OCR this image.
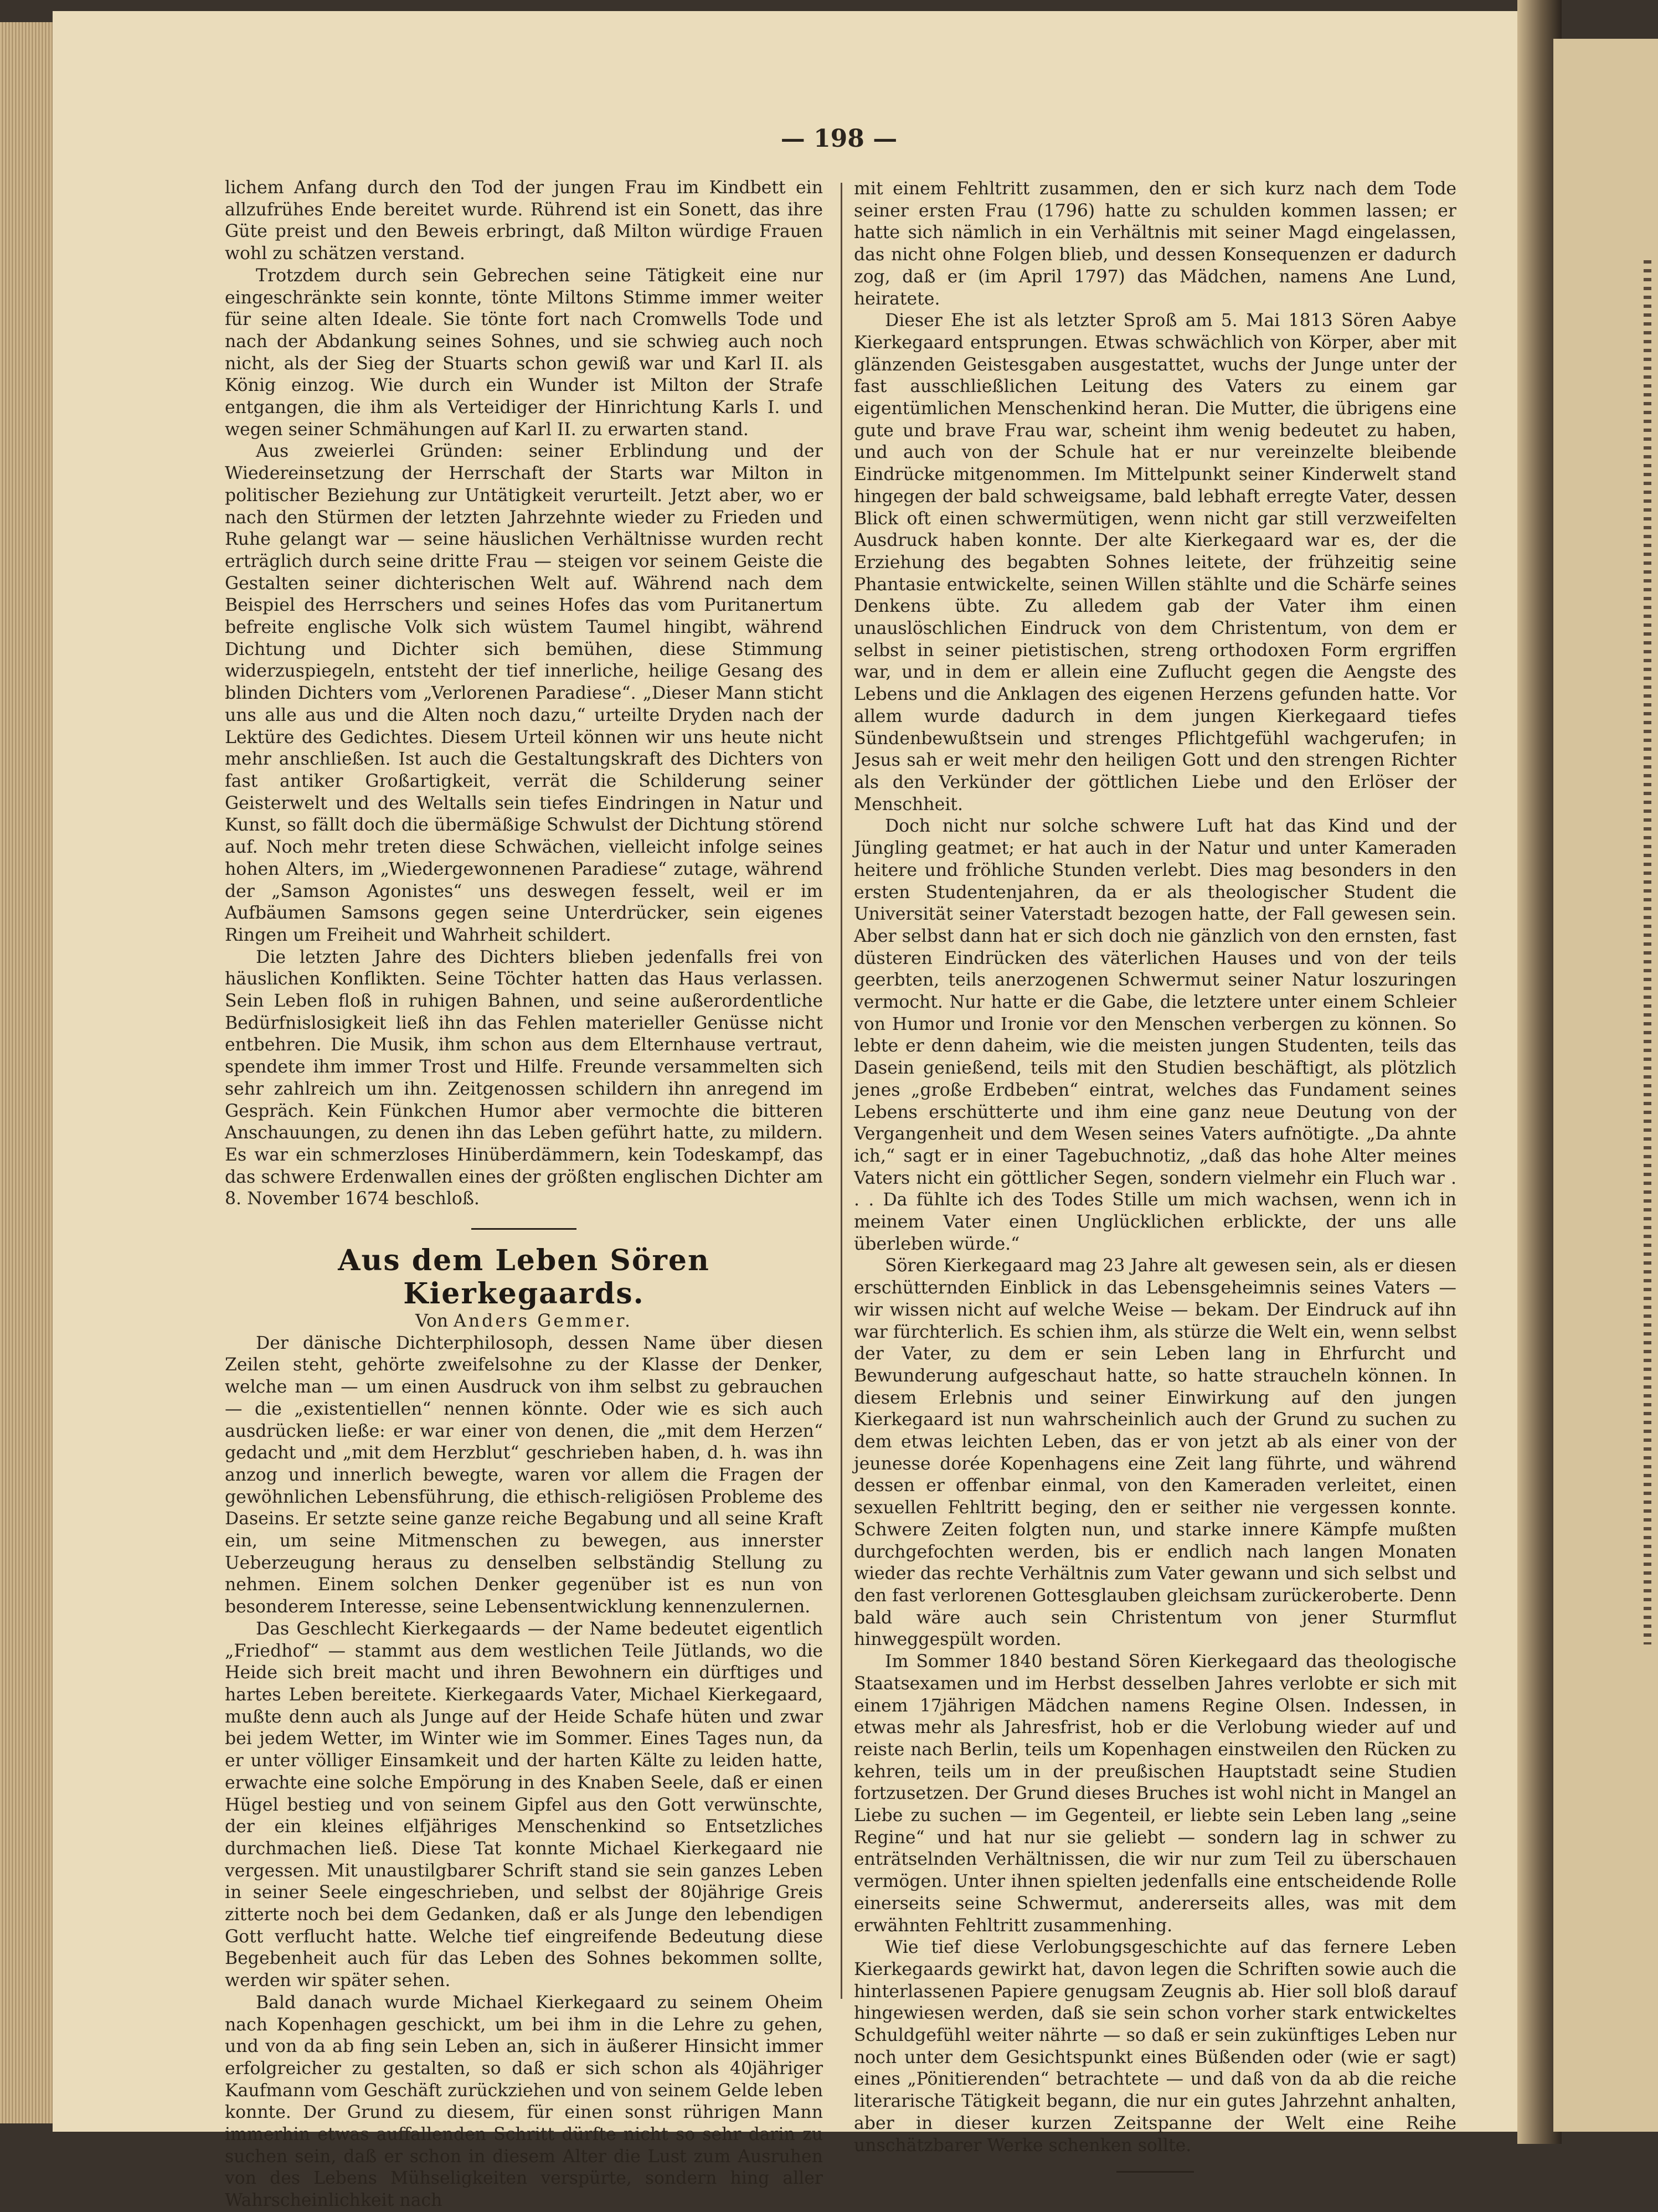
— 198 —

lichem Anfang durch den Tod der jungen Frau im Kindbett ein allzufrühes Ende bereitet wurde. Rührend ist ein Sonett, das ihre Güte preist und den Beweis erbringt, daß Milton würdige Frauen wohl zu schätzen verstand.

Trotzdem durch sein Gebrechen seine Tätigkeit eine nur eingeschränkte sein konnte, tönte Miltons Stimme immer weiter für seine alten Ideale. Sie tönte fort nach Cromwells Tode und nach der Abdankung seines Sohnes, und sie schwieg auch noch nicht, als der Sieg der Stuarts schon gewiß war und Karl II. als König einzog. Wie durch ein Wunder ist Milton der Strafe entgangen, die ihm als Verteidiger der Hinrichtung Karls I. und wegen seiner Schmähungen auf Karl II. zu erwarten stand.

Aus zweierlei Gründen: seiner Erblindung und der Wiedereinsetzung der Herrschaft der Starts war Milton in politischer Beziehung zur Untätigkeit verurteilt. Jetzt aber, wo er nach den Stürmen der letzten Jahrzehnte wieder zu Frieden und Ruhe gelangt war — seine häuslichen Verhältnisse wurden recht erträglich durch seine dritte Frau — steigen vor seinem Geiste die Gestalten seiner dichterischen Welt auf. Während nach dem Beispiel des Herrschers und seines Hofes das vom Puritanertum befreite englische Volk sich wüstem Taumel hingibt, während Dichtung und Dichter sich bemühen, diese Stimmung widerzuspiegeln, entsteht der tief innerliche, heilige Gesang des blinden Dichters vom „Verlorenen Paradiese“. „Dieser Mann sticht uns alle aus und die Alten noch dazu,“ urteilte Dryden nach der Lektüre des Gedichtes. Diesem Urteil können wir uns heute nicht mehr anschließen. Ist auch die Gestaltungskraft des Dichters von fast antiker Großartigkeit, verrät die Schilderung seiner Geisterwelt und des Weltalls sein tiefes Eindringen in Natur und Kunst, so fällt doch die übermäßige Schwulst der Dichtung störend auf. Noch mehr treten diese Schwächen, vielleicht infolge seines hohen Alters, im „Wiedergewonnenen Paradiese“ zutage, während der „Samson Agonistes“ uns deswegen fesselt, weil er im Aufbäumen Samsons gegen seine Unterdrücker, sein eigenes Ringen um Freiheit und Wahrheit schildert.

Die letzten Jahre des Dichters blieben jedenfalls frei von häuslichen Konflikten. Seine Töchter hatten das Haus verlassen. Sein Leben floß in ruhigen Bahnen, und seine außerordentliche Bedürfnislosigkeit ließ ihn das Fehlen materieller Genüsse nicht entbehren. Die Musik, ihm schon aus dem Elternhause vertraut, spendete ihm immer Trost und Hilfe. Freunde versammelten sich sehr zahlreich um ihn. Zeitgenossen schildern ihn anregend im Gespräch. Kein Fünkchen Humor aber vermochte die bitteren Anschauungen, zu denen ihn das Leben geführt hatte, zu mildern. Es war ein schmerzloses Hinüberdämmern, kein Todeskampf, das das schwere Erdenwallen eines der größten englischen Dichter am 8. November 1674 beschloß.

Aus dem Leben Sören Kierkegaards.

Von Anders Gemmer.

Der dänische Dichterphilosoph, dessen Name über diesen Zeilen steht, gehörte zweifelsohne zu der Klasse der Denker, welche man — um einen Ausdruck von ihm selbst zu gebrauchen — die „existentiellen“ nennen könnte. Oder wie es sich auch ausdrücken ließe: er war einer von denen, die „mit dem Herzen“ gedacht und „mit dem Herzblut“ geschrieben haben, d. h. was ihn anzog und innerlich bewegte, waren vor allem die Fragen der gewöhnlichen Lebensführung, die ethisch-religiösen Probleme des Daseins. Er setzte seine ganze reiche Begabung und all seine Kraft ein, um seine Mitmenschen zu bewegen, aus innerster Ueberzeugung heraus zu denselben selbständig Stellung zu nehmen. Einem solchen Denker gegenüber ist es nun von besonderem Interesse, seine Lebensentwicklung kennenzulernen.

Das Geschlecht Kierkegaards — der Name bedeutet eigentlich „Friedhof“ — stammt aus dem westlichen Teile Jütlands, wo die Heide sich breit macht und ihren Bewohnern ein dürftiges und hartes Leben bereitete. Kierkegaards Vater, Michael Kierkegaard, mußte denn auch als Junge auf der Heide Schafe hüten und zwar bei jedem Wetter, im Winter wie im Sommer. Eines Tages nun, da er unter völliger Einsamkeit und der harten Kälte zu leiden hatte, erwachte eine solche Empörung in des Knaben Seele, daß er einen Hügel bestieg und von seinem Gipfel aus den Gott verwünschte, der ein kleines elfjähriges Menschenkind so Entsetzliches durchmachen ließ. Diese Tat konnte Michael Kierkegaard nie vergessen. Mit unaustilgbarer Schrift stand sie sein ganzes Leben in seiner Seele eingeschrieben, und selbst der 80jährige Greis zitterte noch bei dem Gedanken, daß er als Junge den lebendigen Gott verflucht hatte. Welche tief eingreifende Bedeutung diese Begebenheit auch für das Leben des Sohnes bekommen sollte, werden wir später sehen.

Bald danach wurde Michael Kierkegaard zu seinem Oheim nach Kopenhagen geschickt, um bei ihm in die Lehre zu gehen, und von da ab fing sein Leben an, sich in äußerer Hinsicht immer erfolgreicher zu gestalten, so daß er sich schon als 40jähriger Kaufmann vom Geschäft zurückziehen und von seinem Gelde leben konnte. Der Grund zu diesem, für einen sonst rührigen Mann immerhin etwas auffallenden Schritt dürfte nicht so sehr darin zu suchen sein, daß er schon in diesem Alter die Lust zum Ausruhen von des Lebens Mühseligkeiten verspürte, sondern hing aller Wahrscheinlichkeit nach

mit einem Fehltritt zusammen, den er sich kurz nach dem Tode seiner ersten Frau (1796) hatte zu schulden kommen lassen; er hatte sich nämlich in ein Verhältnis mit seiner Magd eingelassen, das nicht ohne Folgen blieb, und dessen Konsequenzen er dadurch zog, daß er (im April 1797) das Mädchen, namens Ane Lund, heiratete.

Dieser Ehe ist als letzter Sproß am 5. Mai 1813 Sören Aabye Kierkegaard entsprungen. Etwas schwächlich von Körper, aber mit glänzenden Geistesgaben ausgestattet, wuchs der Junge unter der fast ausschließlichen Leitung des Vaters zu einem gar eigentümlichen Menschenkind heran. Die Mutter, die übrigens eine gute und brave Frau war, scheint ihm wenig bedeutet zu haben, und auch von der Schule hat er nur vereinzelte bleibende Eindrücke mitgenommen. Im Mittelpunkt seiner Kinderwelt stand hingegen der bald schweigsame, bald lebhaft erregte Vater, dessen Blick oft einen schwermütigen, wenn nicht gar still verzweifelten Ausdruck haben konnte. Der alte Kierkegaard war es, der die Erziehung des begabten Sohnes leitete, der frühzeitig seine Phantasie entwickelte, seinen Willen stählte und die Schärfe seines Denkens übte. Zu alledem gab der Vater ihm einen unauslöschlichen Eindruck von dem Christentum, von dem er selbst in seiner pietistischen, streng orthodoxen Form ergriffen war, und in dem er allein eine Zuflucht gegen die Aengste des Lebens und die Anklagen des eigenen Herzens gefunden hatte. Vor allem wurde dadurch in dem jungen Kierkegaard tiefes Sündenbewußtsein und strenges Pflichtgefühl wachgerufen; in Jesus sah er weit mehr den heiligen Gott und den strengen Richter als den Verkünder der göttlichen Liebe und den Erlöser der Menschheit.

Doch nicht nur solche schwere Luft hat das Kind und der Jüngling geatmet; er hat auch in der Natur und unter Kameraden heitere und fröhliche Stunden verlebt. Dies mag besonders in den ersten Studentenjahren, da er als theologischer Student die Universität seiner Vaterstadt bezogen hatte, der Fall gewesen sein. Aber selbst dann hat er sich doch nie gänzlich von den ernsten, fast düsteren Eindrücken des väterlichen Hauses und von der teils geerbten, teils anerzogenen Schwermut seiner Natur loszuringen vermocht. Nur hatte er die Gabe, die letztere unter einem Schleier von Humor und Ironie vor den Menschen verbergen zu können. So lebte er denn daheim, wie die meisten jungen Studenten, teils das Dasein genießend, teils mit den Studien beschäftigt, als plötzlich jenes „große Erdbeben“ eintrat, welches das Fundament seines Lebens erschütterte und ihm eine ganz neue Deutung von der Vergangenheit und dem Wesen seines Vaters aufnötigte. „Da ahnte ich,“ sagt er in einer Tagebuchnotiz, „daß das hohe Alter meines Vaters nicht ein göttlicher Segen, sondern vielmehr ein Fluch war . . . Da fühlte ich des Todes Stille um mich wachsen, wenn ich in meinem Vater einen Unglücklichen erblickte, der uns alle überleben würde.“

Sören Kierkegaard mag 23 Jahre alt gewesen sein, als er diesen erschütternden Einblick in das Lebensgeheimnis seines Vaters — wir wissen nicht auf welche Weise — bekam. Der Eindruck auf ihn war fürchterlich. Es schien ihm, als stürze die Welt ein, wenn selbst der Vater, zu dem er sein Leben lang in Ehrfurcht und Bewunderung aufgeschaut hatte, so hatte straucheln können. In diesem Erlebnis und seiner Einwirkung auf den jungen Kierkegaard ist nun wahrscheinlich auch der Grund zu suchen zu dem etwas leichten Leben, das er von jetzt ab als einer von der jeunesse dorée Kopenhagens eine Zeit lang führte, und während dessen er offenbar einmal, von den Kameraden verleitet, einen sexuellen Fehltritt beging, den er seither nie vergessen konnte. Schwere Zeiten folgten nun, und starke innere Kämpfe mußten durchgefochten werden, bis er endlich nach langen Monaten wieder das rechte Verhältnis zum Vater gewann und sich selbst und den fast verlorenen Gottesglauben gleichsam zurückeroberte. Denn bald wäre auch sein Christentum von jener Sturmflut hinweggespült worden.

Im Sommer 1840 bestand Sören Kierkegaard das theologische Staatsexamen und im Herbst desselben Jahres verlobte er sich mit einem 17jährigen Mädchen namens Regine Olsen. Indessen, in etwas mehr als Jahresfrist, hob er die Verlobung wieder auf und reiste nach Berlin, teils um Kopenhagen einstweilen den Rücken zu kehren, teils um in der preußischen Hauptstadt seine Studien fortzusetzen. Der Grund dieses Bruches ist wohl nicht in Mangel an Liebe zu suchen — im Gegenteil, er liebte sein Leben lang „seine Regine“ und hat nur sie geliebt — sondern lag in schwer zu enträtselnden Verhältnissen, die wir nur zum Teil zu überschauen vermögen. Unter ihnen spielten jedenfalls eine entscheidende Rolle einerseits seine Schwermut, andererseits alles, was mit dem erwähnten Fehltritt zusammenhing.

Wie tief diese Verlobungsgeschichte auf das fernere Leben Kierkegaards gewirkt hat, davon legen die Schriften sowie auch die hinterlassenen Papiere genugsam Zeugnis ab. Hier soll bloß darauf hingewiesen werden, daß sie sein schon vorher stark entwickeltes Schuldgefühl weiter nährte — so daß er sein zukünftiges Leben nur noch unter dem Gesichtspunkt eines Büßenden oder (wie er sagt) eines „Pönitierenden“ betrachtete — und daß von da ab die reiche literarische Tätigkeit begann, die nur ein gutes Jahrzehnt anhalten, aber in dieser kurzen Zeitspanne der Welt eine Reihe unschätzbarer Werke schenken sollte.
